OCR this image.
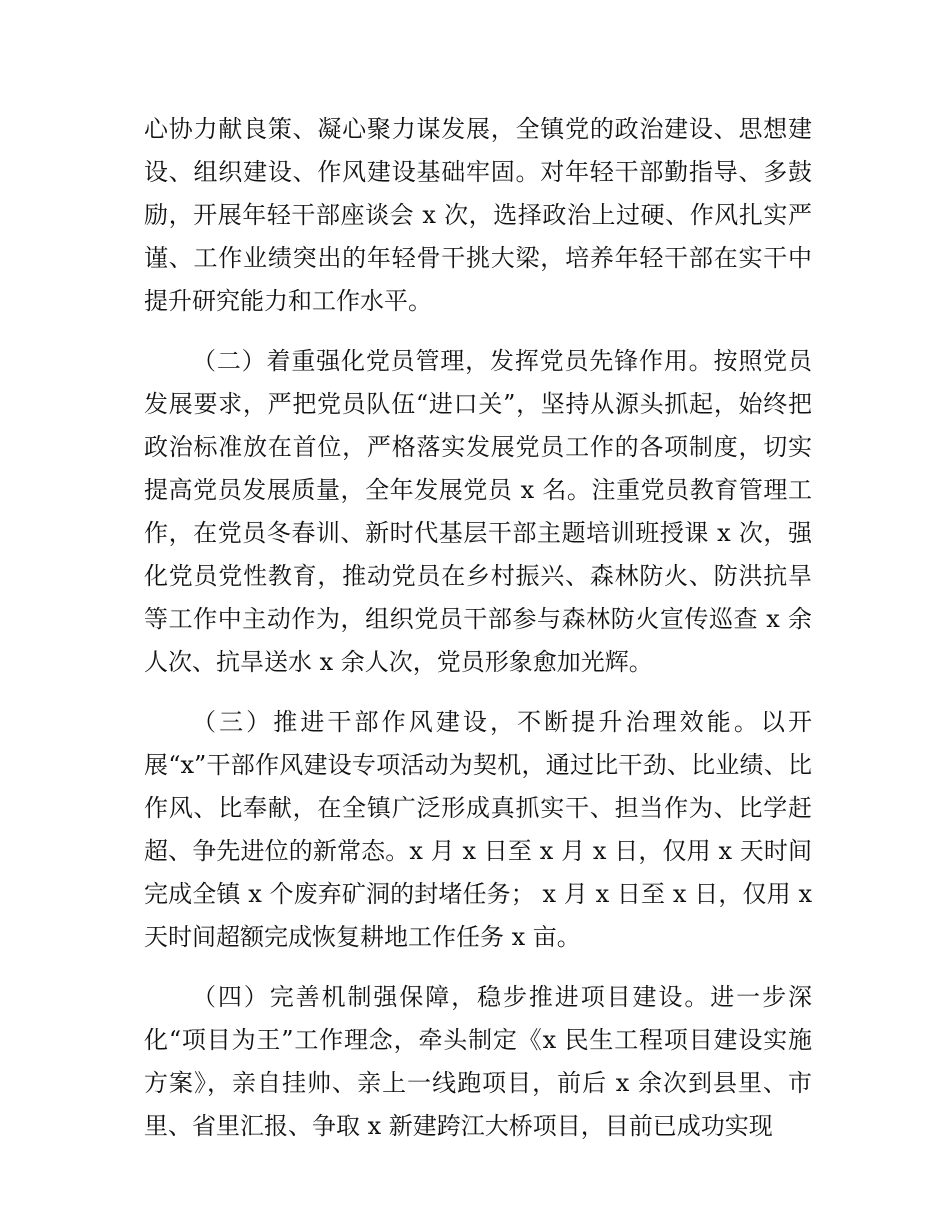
心协力献良策、凝心聚力谋发展，全镇党的政治建设、思想建设、组织建设、作风建设基础牢固。对年轻干部勤指导、多鼓励，开展年轻干部座谈会 x 次，选择政治上过硬、作风扎实严谨、工作业绩突出的年轻骨干挑大梁，培养年轻干部在实干中提升研究能力和工作水平。

（二）着重强化党员管理，发挥党员先锋作用。按照党员发展要求，严把党员队伍“进口关”，坚持从源头抓起，始终把政治标准放在首位，严格落实发展党员工作的各项制度，切实提高党员发展质量，全年发展党员 x 名。注重党员教育管理工作，在党员冬春训、新时代基层干部主题培训班授课 x 次，强化党员党性教育，推动党员在乡村振兴、森林防火、防洪抗旱等工作中主动作为，组织党员干部参与森林防火宣传巡查 x 余人次、抗旱送水 x 余人次，党员形象愈加光辉。

（三）推进干部作风建设，不断提升治理效能。以开展“x”干部作风建设专项活动为契机，通过比干劲、比业绩、比作风、比奉献，在全镇广泛形成真抓实干、担当作为、比学赶超、争先进位的新常态。x 月 x 日至 x 月 x 日，仅用 x 天时间完成全镇 x 个废弃矿洞的封堵任务； x 月 x 日至 x 日，仅用 x 天时间超额完成恢复耕地工作任务 x 亩。

（四）完善机制强保障，稳步推进项目建设。进一步深化“项目为王”工作理念，牵头制定《x 民生工程项目建设实施方案》，亲自挂帅、亲上一线跑项目，前后 x 余次到县里、市里、省里汇报、争取 x 新建跨江大桥项目，目前已成功实现
